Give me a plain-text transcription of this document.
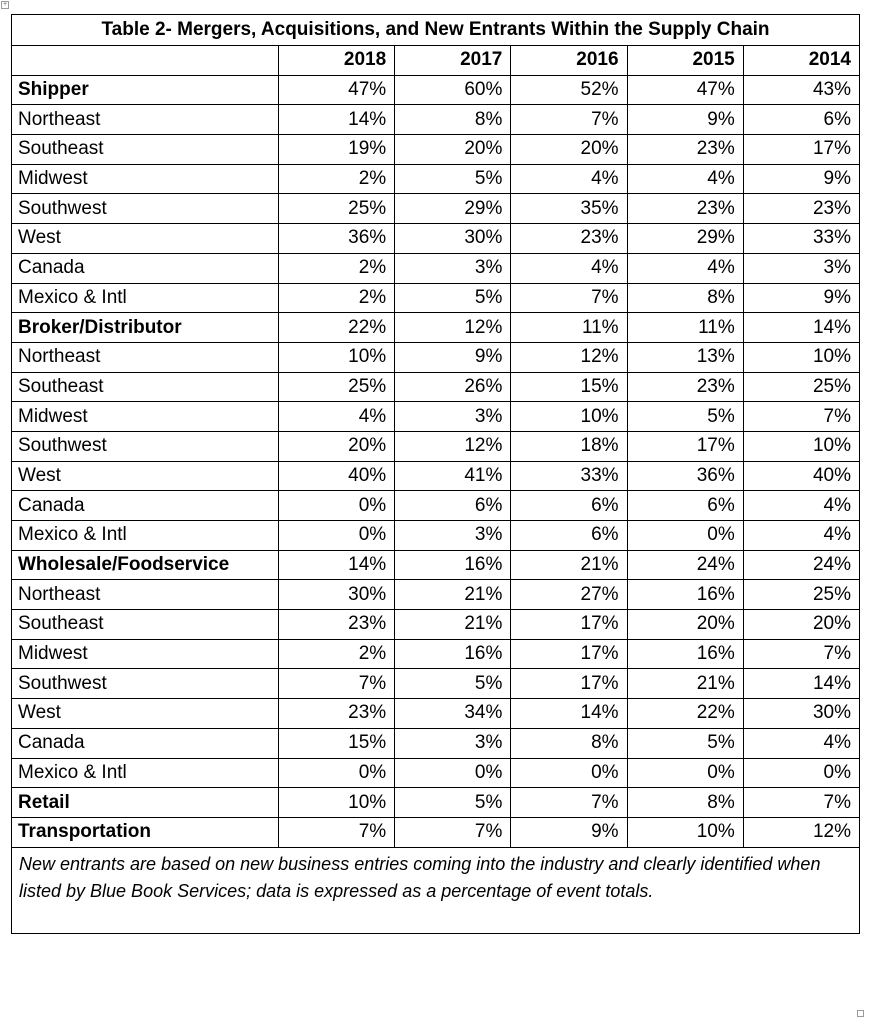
+
Table 2- Mergers, Acquisitions, and New Entrants Within the Supply Chain					
	2018	2017	2016	2015	2014
Shipper	47%	60%	52%	47%	43%
Northeast	14%	8%	7%	9%	6%
Southeast	19%	20%	20%	23%	17%
Midwest	2%	5%	4%	4%	9%
Southwest	25%	29%	35%	23%	23%
West	36%	30%	23%	29%	33%
Canada	2%	3%	4%	4%	3%
Mexico & Intl	2%	5%	7%	8%	9%
Broker/Distributor	22%	12%	11%	11%	14%
Northeast	10%	9%	12%	13%	10%
Southeast	25%	26%	15%	23%	25%
Midwest	4%	3%	10%	5%	7%
Southwest	20%	12%	18%	17%	10%
West	40%	41%	33%	36%	40%
Canada	0%	6%	6%	6%	4%
Mexico & Intl	0%	3%	6%	0%	4%
Wholesale/Foodservice	14%	16%	21%	24%	24%
Northeast	30%	21%	27%	16%	25%
Southeast	23%	21%	17%	20%	20%
Midwest	2%	16%	17%	16%	7%
Southwest	7%	5%	17%	21%	14%
West	23%	34%	14%	22%	30%
Canada	15%	3%	8%	5%	4%
Mexico & Intl	0%	0%	0%	0%	0%
Retail	10%	5%	7%	8%	7%
Transportation	7%	7%	9%	10%	12%
New entrants are based on new business entries coming into the industry and clearly identified when listed by Blue Book Services; data is expressed as a percentage of event totals.					
